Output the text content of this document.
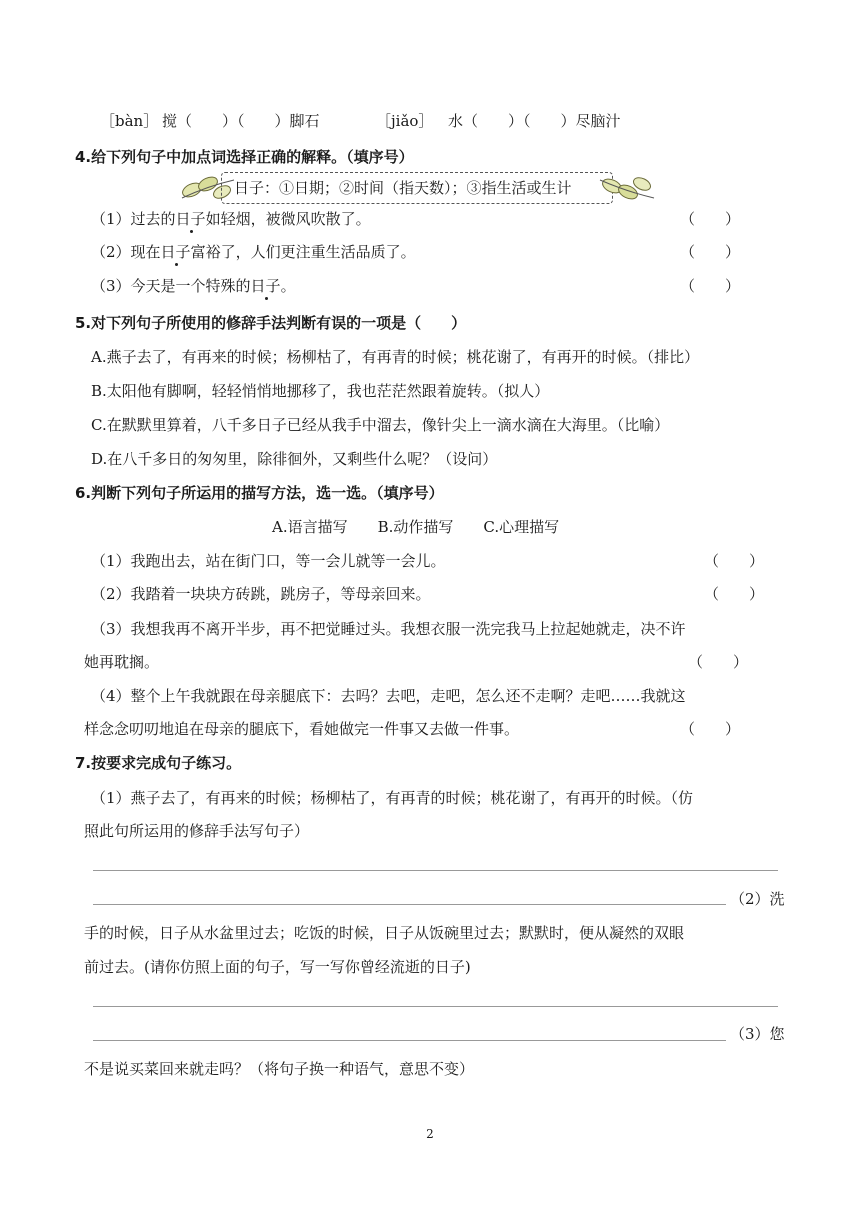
［bàn］ 搅（　　）（　　）脚石	［jiǎo］ 水（　　）（　　）尽脑汁
4.给下列句子中加点词选择正确的解释。（填序号）
日子：①日期；②时间（指天数）；③指生活或生计
（1）过去的日子如轻烟，被微风吹散了。	（　　）
（2）现在日子富裕了，人们更注重生活品质了。	（　　）
（3）今天是一个特殊的日子。	（　　）
5.对下列句子所使用的修辞手法判断有误的一项是（　　）
A.燕子去了，有再来的时候；杨柳枯了，有再青的时候；桃花谢了，有再开的时候。（排比）
B.太阳他有脚啊，轻轻悄悄地挪移了，我也茫茫然跟着旋转。（拟人）
C.在默默里算着，八千多日子已经从我手中溜去，像针尖上一滴水滴在大海里。（比喻）
D.在八千多日的匆匆里，除徘徊外，又剩些什么呢？（设问）
6.判断下列句子所运用的描写方法，选一选。（填序号）
A.语言描写　　B.动作描写　　C.心理描写
（1）我跑出去，站在街门口，等一会儿就等一会儿。	（　　）
（2）我踏着一块块方砖跳，跳房子，等母亲回来。	（　　）
（3）我想我再不离开半步，再不把觉睡过头。我想衣服一洗完我马上拉起她就走，决不许
她再耽搁。	（　　）
（4）整个上午我就跟在母亲腿底下：去吗？去吧，走吧，怎么还不走啊？走吧……我就这
样念念叨叨地追在母亲的腿底下，看她做完一件事又去做一件事。	（　　）
7.按要求完成句子练习。
（1）燕子去了，有再来的时候；杨柳枯了，有再青的时候；桃花谢了，有再开的时候。（仿
照此句所运用的修辞手法写句子）
（2）洗
手的时候，日子从水盆里过去；吃饭的时候，日子从饭碗里过去；默默时，便从凝然的双眼
前过去。(请你仿照上面的句子，写一写你曾经流逝的日子)
（3）您
不是说买菜回来就走吗？（将句子换一种语气，意思不变）
2
